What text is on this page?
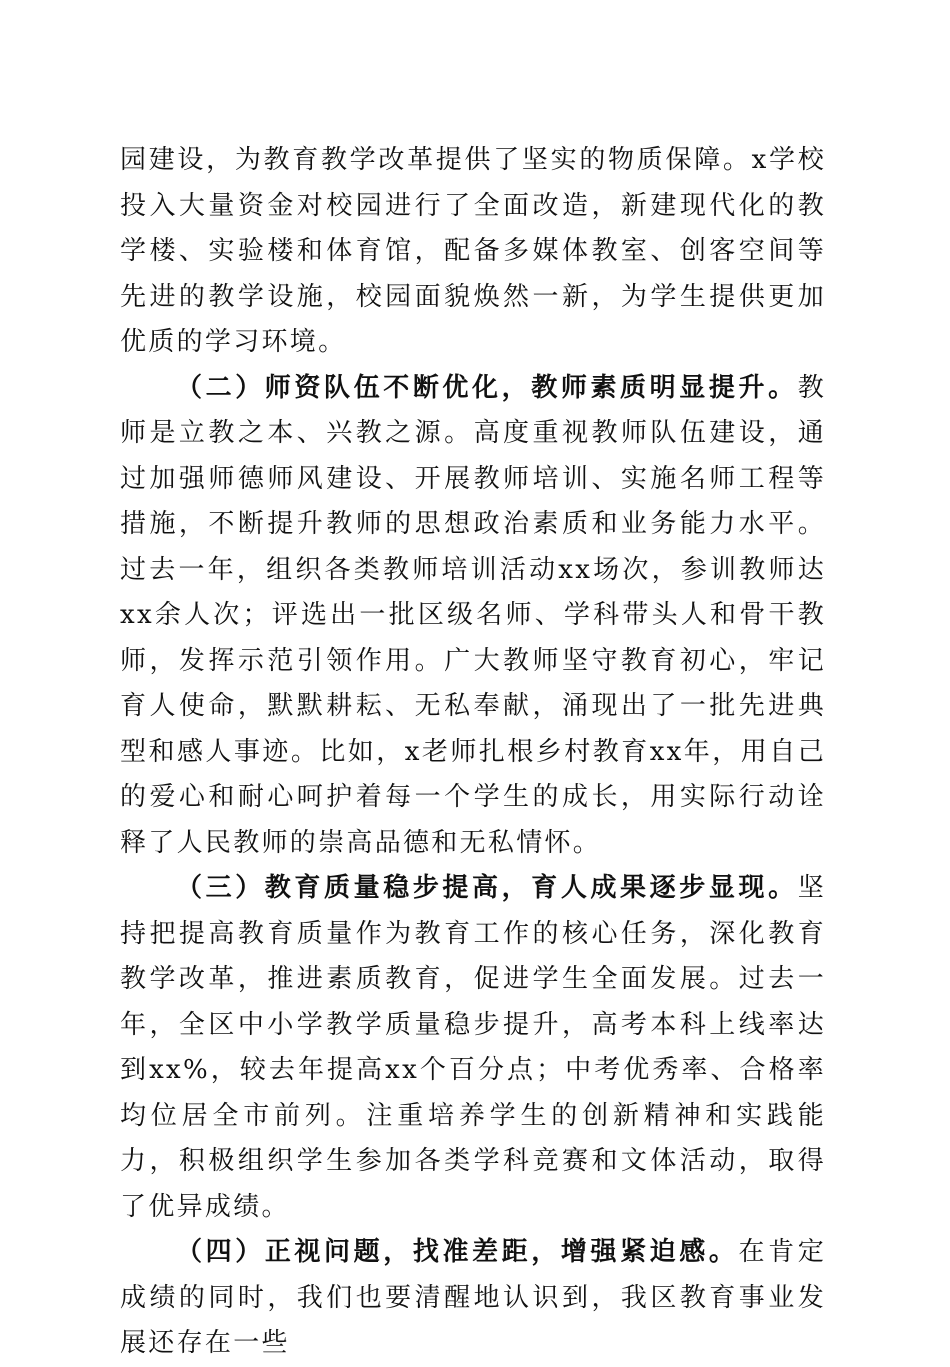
园建设，为教育教学改革提供了坚实的物质保障。x学校投入大量资金对校园进行了全面改造，新建现代化的教学楼、实验楼和体育馆，配备多媒体教室、创客空间等先进的教学设施，校园面貌焕然一新，为学生提供更加优质的学习环境。

（二）师资队伍不断优化，教师素质明显提升。教师是立教之本、兴教之源。高度重视教师队伍建设，通过加强师德师风建设、开展教师培训、实施名师工程等措施，不断提升教师的思想政治素质和业务能力水平。过去一年，组织各类教师培训活动xx场次，参训教师达xx余人次；评选出一批区级名师、学科带头人和骨干教师，发挥示范引领作用。广大教师坚守教育初心，牢记育人使命，默默耕耘、无私奉献，涌现出了一批先进典型和感人事迹。比如，x老师扎根乡村教育xx年，用自己的爱心和耐心呵护着每一个学生的成长，用实际行动诠释了人民教师的崇高品德和无私情怀。

（三）教育质量稳步提高，育人成果逐步显现。坚持把提高教育质量作为教育工作的核心任务，深化教育教学改革，推进素质教育，促进学生全面发展。过去一年，全区中小学教学质量稳步提升，高考本科上线率达到xx%，较去年提高xx个百分点；中考优秀率、合格率均位居全市前列。注重培养学生的创新精神和实践能力，积极组织学生参加各类学科竞赛和文体活动，取得了优异成绩。

（四）正视问题，找准差距，增强紧迫感。在肯定成绩的同时，我们也要清醒地认识到，我区教育事业发展还存在一些
